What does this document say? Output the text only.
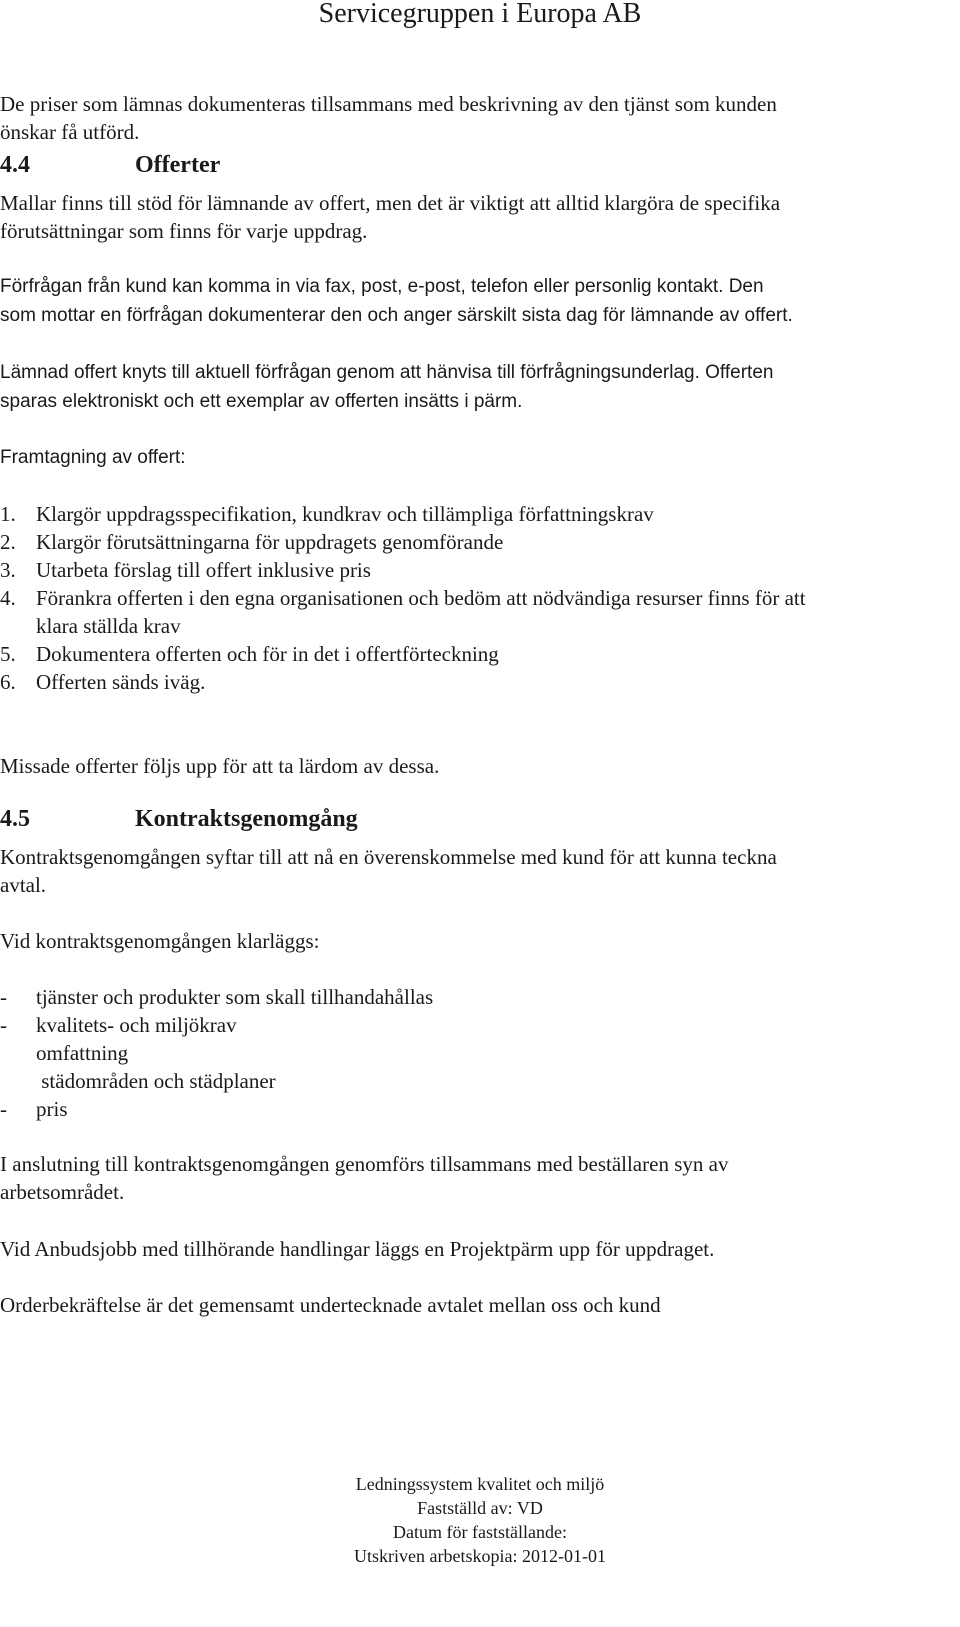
Servicegruppen i Europa AB
De priser som lämnas dokumenteras tillsammans med beskrivning av den tjänst som kunden
önskar få utförd.
4.4	Offerter
Mallar finns till stöd för lämnande av offert, men det är viktigt att alltid klargöra de specifika
förutsättningar som finns för varje uppdrag.
Förfrågan från kund kan komma in via fax, post, e-post, telefon eller personlig kontakt. Den
som mottar en förfrågan dokumenterar den och anger särskilt sista dag för lämnande av offert.
Lämnad offert knyts till aktuell förfrågan genom att hänvisa till förfrågningsunderlag. Offerten
sparas elektroniskt och ett exemplar av offerten insätts i pärm.
Framtagning av offert:
1. Klargör uppdragsspecifikation, kundkrav och tillämpliga författningskrav
2. Klargör förutsättningarna för uppdragets genomförande
3. Utarbeta förslag till offert inklusive pris
4. Förankra offerten i den egna organisationen och bedöm att nödvändiga resurser finns för att
klara ställda krav
5. Dokumentera offerten och för in det i offertförteckning
6. Offerten sänds iväg.
Missade offerter följs upp för att ta lärdom av dessa.
4.5	Kontraktsgenomgång
Kontraktsgenomgången syftar till att nå en överenskommelse med kund för att kunna teckna
avtal.
Vid kontraktsgenomgången klarläggs:
- tjänster och produkter som skall tillhandahållas
- kvalitets- och miljökrav
omfattning
städområden och städplaner
- pris
I anslutning till kontraktsgenomgången genomförs tillsammans med beställaren syn av
arbetsområdet.
Vid Anbudsjobb med tillhörande handlingar läggs en Projektpärm upp för uppdraget.
Orderbekräftelse är det gemensamt undertecknade avtalet mellan oss och kund
Ledningssystem kvalitet och miljö
Fastställd av: VD
Datum för fastställande:
Utskriven arbetskopia: 2012-01-01
